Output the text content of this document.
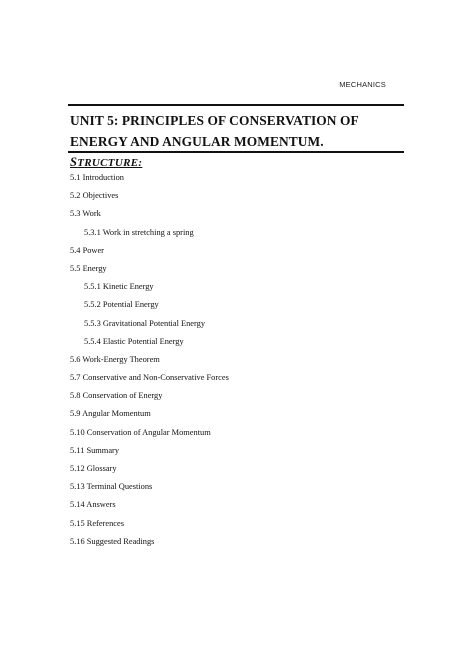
MECHANICS
UNIT 5: PRINCIPLES OF CONSERVATION OF
ENERGY AND ANGULAR MOMENTUM.
STRUCTURE:
5.1 Introduction
5.2 Objectives
5.3 Work
5.3.1 Work in stretching a spring
5.4 Power
5.5 Energy
5.5.1 Kinetic Energy
5.5.2 Potential Energy
5.5.3 Gravitational Potential Energy
5.5.4 Elastic Potential Energy
5.6 Work-Energy Theorem
5.7 Conservative and Non-Conservative Forces
5.8 Conservation of Energy
5.9 Angular Momentum
5.10 Conservation of Angular Momentum
5.11 Summary
5.12 Glossary
5.13 Terminal Questions
5.14 Answers
5.15 References
5.16 Suggested Readings
